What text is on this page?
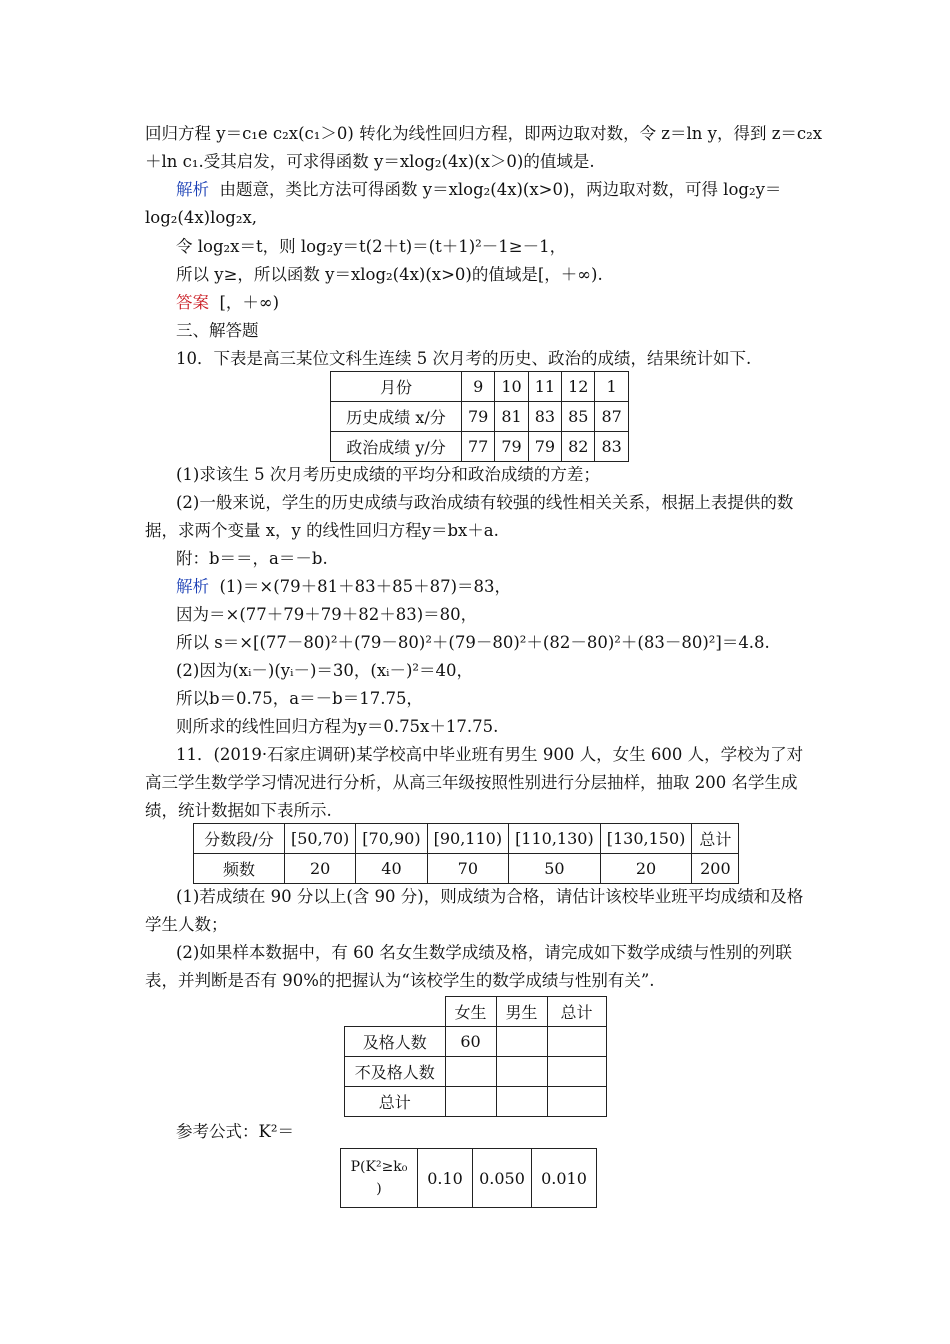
回归方程 y＝c₁e c₂x(c₁＞0) 转化为线性回归方程，即两边取对数，令 z＝ln y，得到 z＝c₂x
＋ln c₁.受其启发，可求得函数 y＝xlog₂(4x)(x＞0)的值域是.
解析 由题意，类比方法可得函数 y＝xlog₂(4x)(x>0)，两边取对数，可得 log₂y＝
log₂(4x)log₂x,
令 log₂x＝t，则 log₂y＝t(2＋t)＝(t＋1)²－1≥－1，
所以 y≥，所以函数 y＝xlog₂(4x)(x>0)的值域是[，＋∞).
答案 [，＋∞)
三、解答题
10．下表是高三某位文科生连续 5 次月考的历史、政治的成绩，结果统计如下.
月份	9	10	11	12	1
历史成绩 x/分	79	81	83	85	87
政治成绩 y/分	77	79	79	82	83
(1)求该生 5 次月考历史成绩的平均分和政治成绩的方差；
(2)一般来说，学生的历史成绩与政治成绩有较强的线性相关关系，根据上表提供的数
据，求两个变量 x，y 的线性回归方程y＝bx＋a.
附：b＝＝，a＝－b.
解析 (1)＝×(79＋81＋83＋85＋87)＝83，
因为＝×(77＋79＋79＋82＋83)＝80，
所以 s＝×[(77－80)²＋(79－80)²＋(79－80)²＋(82－80)²＋(83－80)²]＝4.8.
(2)因为(xᵢ－)(yᵢ－)＝30，(xᵢ－)²＝40，
所以b＝0.75，a＝－b＝17.75，
则所求的线性回归方程为y＝0.75x＋17.75.
11．(2019·石家庄调研)某学校高中毕业班有男生 900 人，女生 600 人，学校为了对
高三学生数学学习情况进行分析，从高三年级按照性别进行分层抽样，抽取 200 名学生成
绩，统计数据如下表所示.
分数段/分	[50,70)	[70,90)	[90,110)	[110,130)	[130,150)	总计
频数	20	40	70	50	20	200
(1)若成绩在 90 分以上(含 90 分)，则成绩为合格，请估计该校毕业班平均成绩和及格
学生人数；
(2)如果样本数据中，有 60 名女生数学成绩及格，请完成如下数学成绩与性别的列联
表，并判断是否有 90%的把握认为“该校学生的数学成绩与性别有关”.
	女生	男生	总计
及格人数	60		
不及格人数			
总计			
参考公式：K²＝
P(K²≥k₀
)
	0.10	0.050	0.010
